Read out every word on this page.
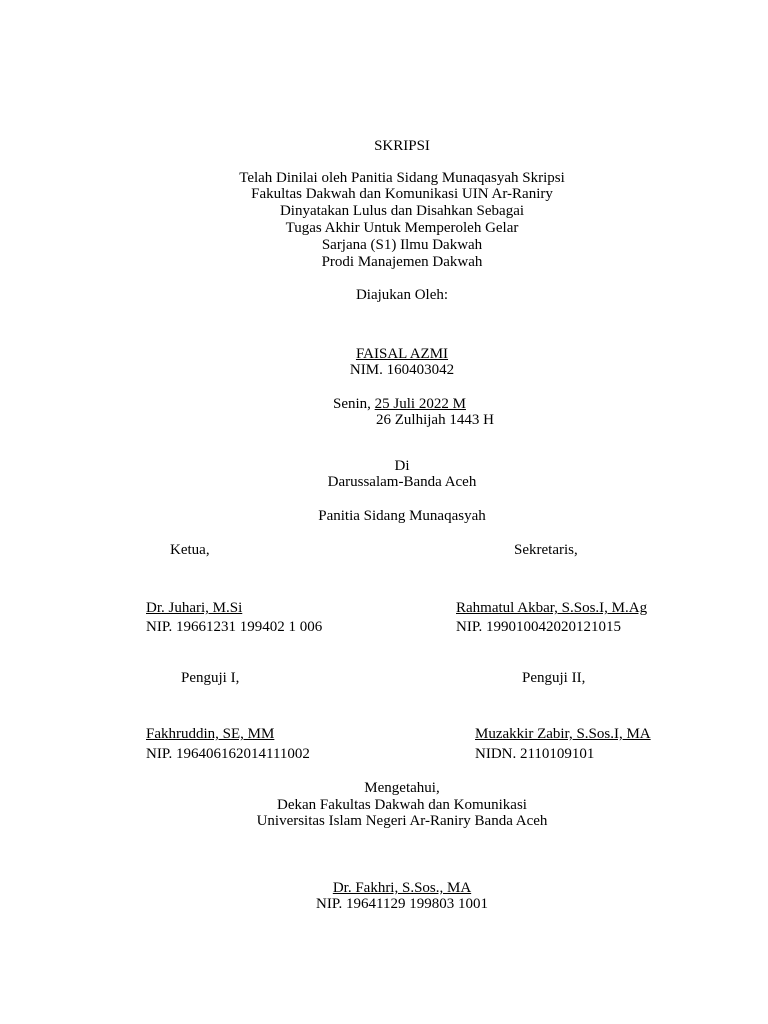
SKRIPSI
Telah Dinilai oleh Panitia Sidang Munaqasyah Skripsi
Fakultas Dakwah dan Komunikasi UIN Ar-Raniry
Dinyatakan Lulus dan Disahkan Sebagai
Tugas Akhir Untuk Memperoleh Gelar
Sarjana (S1) Ilmu Dakwah
Prodi Manajemen Dakwah
Diajukan Oleh:
FAISAL AZMI
NIM. 160403042
Senin, 25 Juli 2022 M
26 Zulhijah 1443 H
Di
Darussalam-Banda Aceh
Panitia Sidang Munaqasyah
Ketua,	Sekretaris,
Dr. Juhari, M.Si
NIP. 19661231 199402 1 006
Rahmatul Akbar, S.Sos.I, M.Ag
NIP. 199010042020121015
Penguji I,	Penguji II,
Fakhruddin, SE, MM
NIP. 196406162014111002
Muzakkir Zabir, S.Sos.I, MA
NIDN. 2110109101
Mengetahui,
Dekan Fakultas Dakwah dan Komunikasi
Universitas Islam Negeri Ar-Raniry Banda Aceh
Dr. Fakhri, S.Sos., MA
NIP. 19641129 199803 1001
